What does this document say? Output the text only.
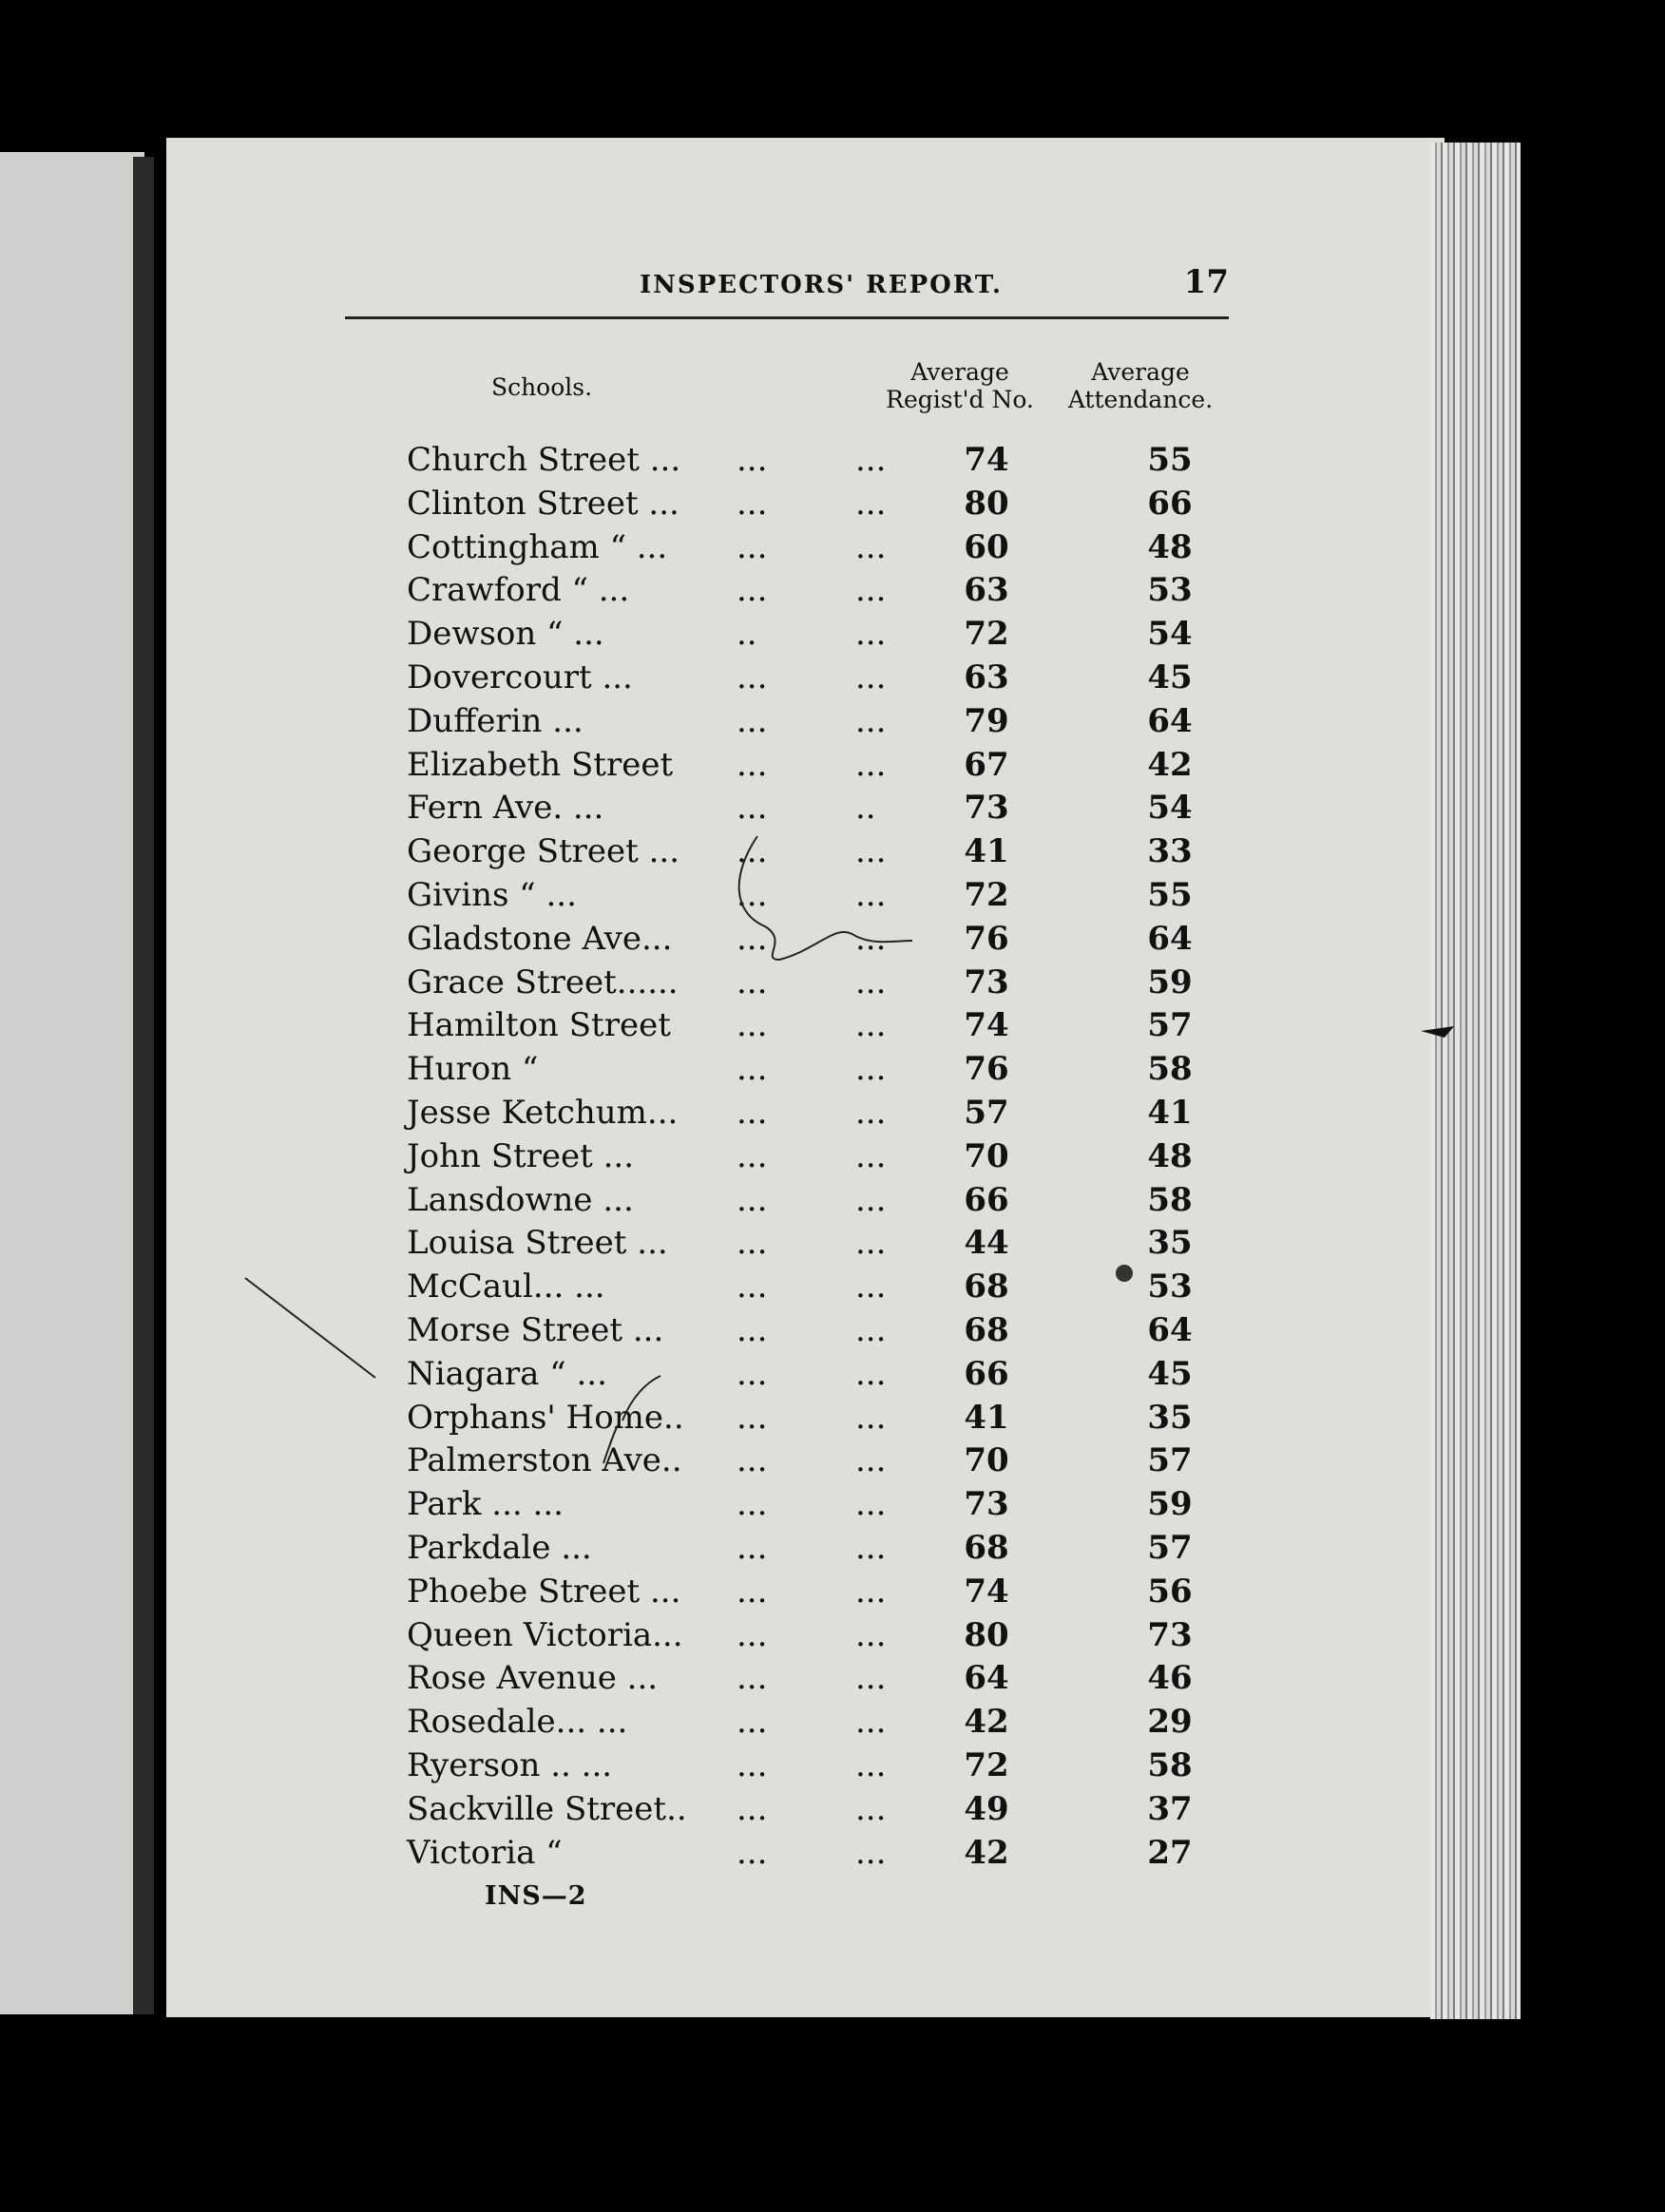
INSPECTORS' REPORT.	17
Schools.
Average
Regist'd No.
Average
Attendance.
Church Street ... ...	...	74	55
Clinton Street ... ...	...	80	66
Cottingham “ ... ...	...	60	48
Crawford “ ...	...	...	63	53
Dewson “ ...	..	...	72	54
Dovercourt ...	...	...	63	45
Dufferin ...	...	...	79	64
Elizabeth Street ...	...	67	42
Fern Ave. ...	...	..	73	54
George Street ... ...	...	41	33
Givins “ ...	...	...	72	55
Gladstone Ave... ...	...	76	64
Grace Street...... ...	...	73	59
Hamilton Street ...	...	74	57
Huron “	...	...	76	58
Jesse Ketchum... ...	...	57	41
John Street ...	...	...	70	48
Lansdowne ...	...	...	66	58
Louisa Street ... ...	...	44	35
McCaul... ...	...	...	68	53
Morse Street ... ...	...	68	64
Niagara “ ...	...	...	66	45
Orphans' Home.. ...	...	41	35
Palmerston Ave.. ...	...	70	57
Park ... ...	...	...	73	59
Parkdale ...	...	...	68	57
Phoebe Street ... ...	...	74	56
Queen Victoria... ...	...	80	73
Rose Avenue ... ...	...	64	46
Rosedale... ...	...	...	42	29
Ryerson .. ...	...	...	72	58
Sackville Street.. ...	...	49	37
Victoria “	...	...	42	27
INS—2
